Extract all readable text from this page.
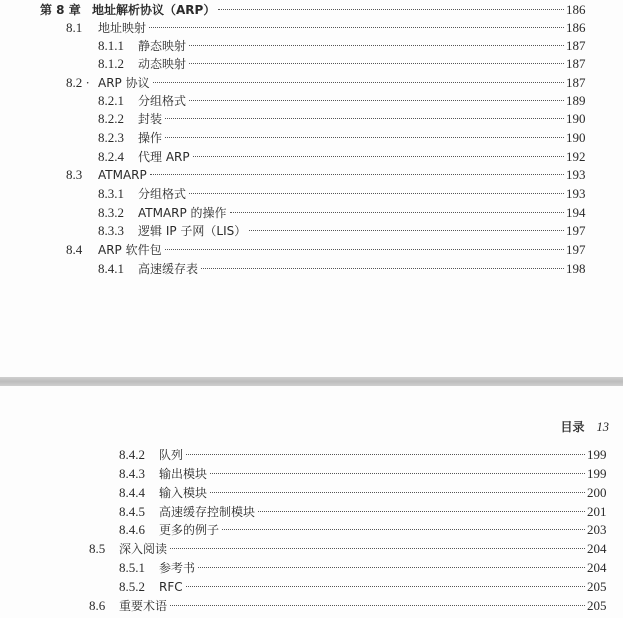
第 8 章 地址解析协议（ARP）	186
8.1	地址映射	186
8.1.1	静态映射	187
8.1.2	动态映射	187
8.2 · ARP 协议	187
8.2.1	分组格式	189
8.2.2	封装	190
8.2.3	操作	190
8.2.4	代理 ARP	192
8.3	ATMARP	193
8.3.1	分组格式	193
8.3.2	ATMARP 的操作	194
8.3.3	逻辑 IP 子网（LIS）	197
8.4	ARP 软件包	197
8.4.1	高速缓存表	198
目录 13
8.4.2	队列	199
8.4.3	输出模块	199
8.4.4	输入模块	200
8.4.5	高速缓存控制模块	201
8.4.6	更多的例子	203
8.5	深入阅读	204
8.5.1	参考书	204
8.5.2	RFC	205
8.6	重要术语	205
